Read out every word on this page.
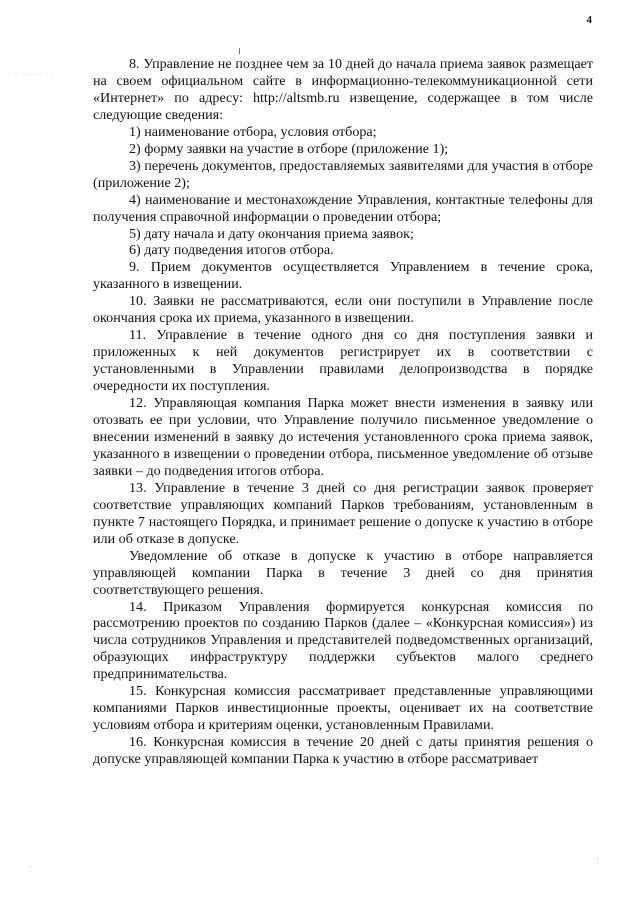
4
· ·· ······· · ·

8. Управление не позднее чем за 10 дней до начала приема заявок размещает на своем официальном сайте в информационно-телекоммуникационной сети «Интернет» по адресу: http://altsmb.ru извещение, содержащее в том числе следующие сведения:

1) наименование отбора, условия отбора;

2) форму заявки на участие в отборе (приложение 1);

3) перечень документов, предоставляемых заявителями для участия в отборе (приложение 2);

4) наименование и местонахождение Управления, контактные телефоны для получения справочной информации о проведении отбора;

5) дату начала и дату окончания приема заявок;

6) дату подведения итогов отбора.

9. Прием документов осуществляется Управлением в течение срока, указанного в извещении.

10. Заявки не рассматриваются, если они поступили в Управление после окончания срока их приема, указанного в извещении.

11. Управление в течение одного дня со дня поступления заявки и приложенных к ней документов регистрирует их в соответствии с установленными в Управлении правилами делопроизводства в порядке очередности их поступления.

12. Управляющая компания Парка может внести изменения в заявку или отозвать ее при условии, что Управление получило письменное уведомление о внесении изменений в заявку до истечения установленного срока приема заявок, указанного в извещении о проведении отбора, письменное уведомление об отзыве заявки – до подведения итогов отбора.

13. Управление в течение 3 дней со дня регистрации заявок проверяет соответствие управляющих компаний Парков требованиям, установленным в пункте 7 настоящего Порядка, и принимает решение о допуске к участию в отборе или об отказе в допуске.

Уведомление об отказе в допуске к участию в отборе направляется управляющей компании Парка в течение 3 дней со дня принятия соответствующего решения.

14. Приказом Управления формируется конкурсная комиссия по рассмотрению проектов по созданию Парков (далее – «Конкурсная комиссия») из числа сотрудников Управления и представителей подведомственных организаций, образующих инфраструктуру поддержки субъектов малого среднего предпринимательства.

15. Конкурсная комиссия рассматривает представленные управляющими компаниями Парков инвестиционные проекты, оценивает их на соответствие условиям отбора и критериям оценки, установленным Правилами.

16. Конкурсная комиссия в течение 20 дней с даты принятия решения о допуске управляющей компании Парка к участию в отборе рассматривает
